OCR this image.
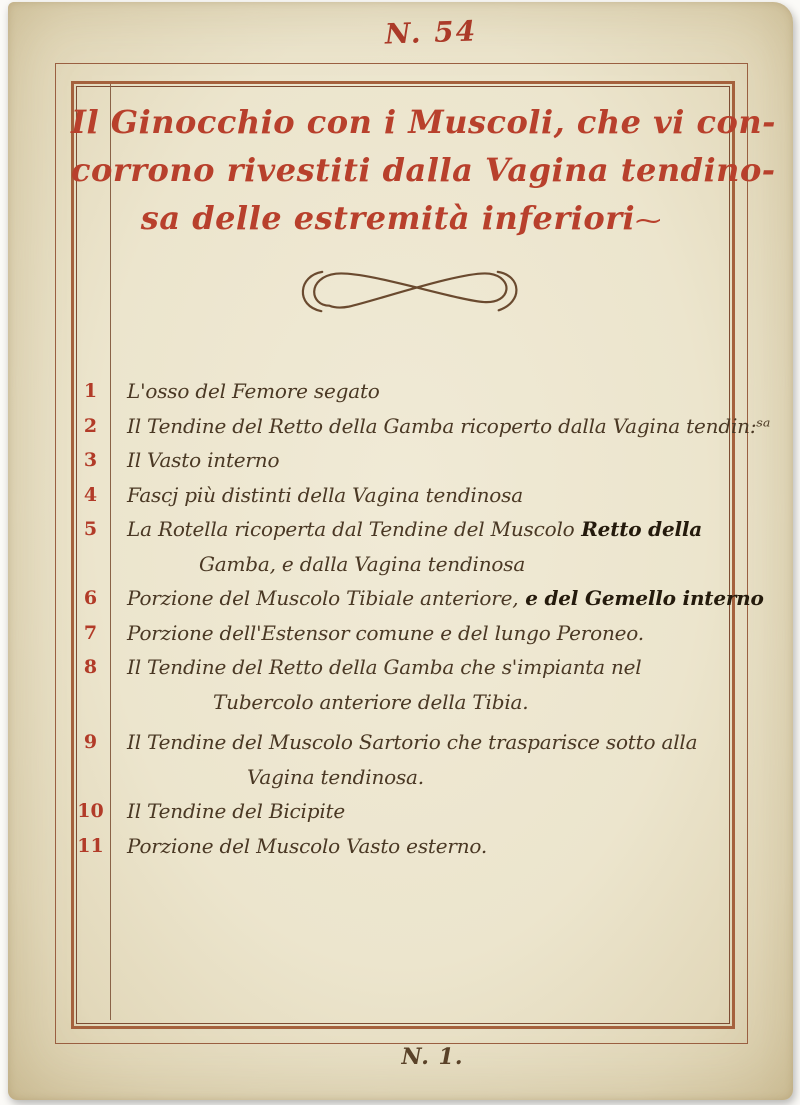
N. 54
Il Ginocchio con i Muscoli, che vi con-
corrono rivestiti dalla Vagina tendino-
sa delle estremità inferiori⁓
1	L'osso del Femore segato
2	Il Tendine del Retto della Gamba ricoperto dalla Vagina tendin:ˢᵃ
3	Il Vasto interno
4	Fascj più distinti della Vagina tendinosa
5	La Rotella ricoperta dal Tendine del Muscolo Retto della
Gamba, e dalla Vagina tendinosa
6	Porzione del Muscolo Tibiale anteriore, e del Gemello interno
7	Porzione dell'Estensor comune e del lungo Peroneo.
8	Il Tendine del Retto della Gamba che s'impianta nel
Tubercolo anteriore della Tibia.
9	Il Tendine del Muscolo Sartorio che trasparisce sotto alla
Vagina tendinosa.
10	Il Tendine del Bicipite
11	Porzione del Muscolo Vasto esterno.
N. 1.
